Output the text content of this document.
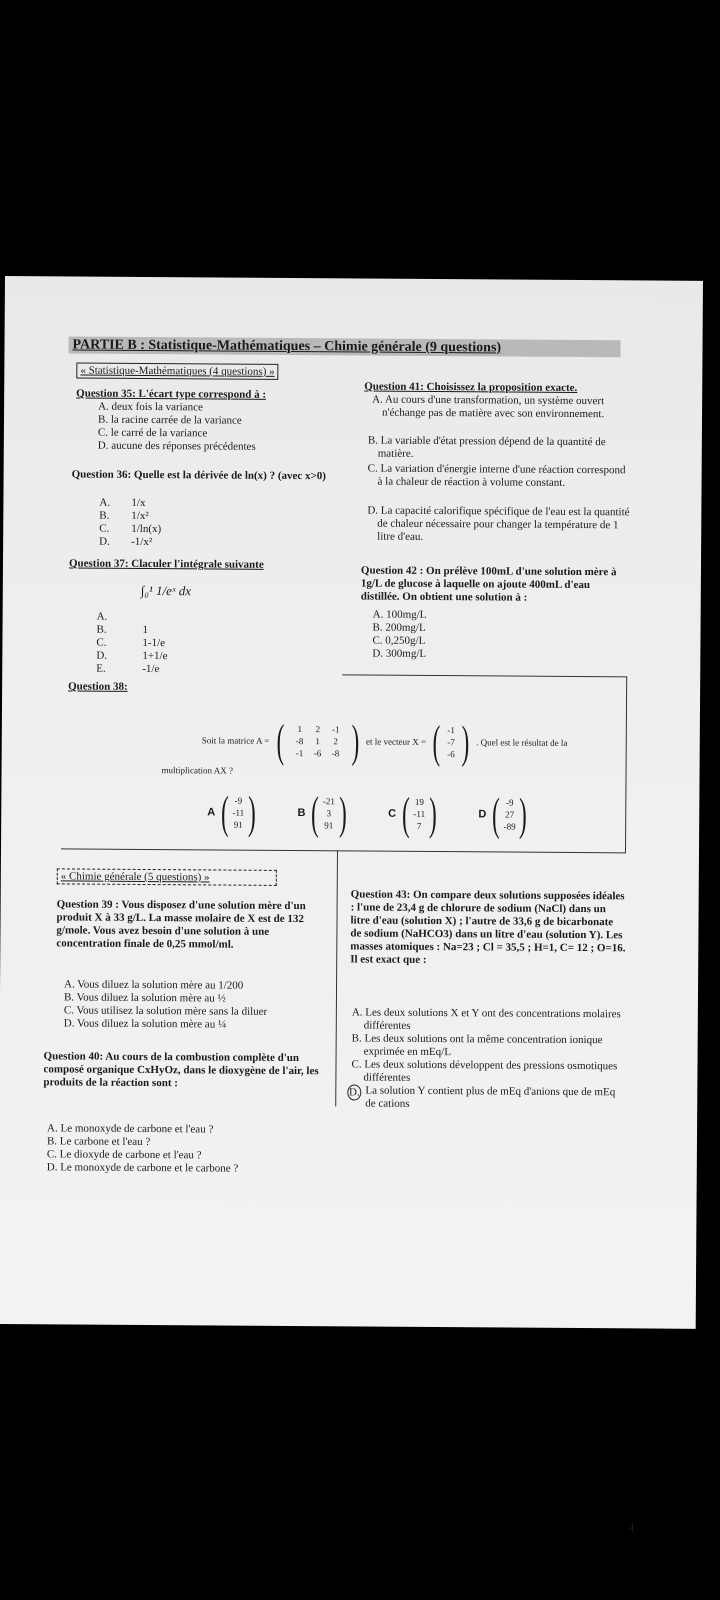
PARTIE B : Statistique-Mathématiques – Chimie générale (9 questions)
« Statistique-Mathématiques (4 questions) »
Question 35: L'écart type correspond à :
A. deux fois la variance
B. la racine carrée de la variance
C. le carré de la variance
D. aucune des réponses précédentes
Question 36: Quelle est la dérivée de ln(x) ? (avec x>0)
A. 1/x
B. 1/x²
C. 1/ln(x)
D. -1/x²
Question 37: Claculer l'intégrale suivante
∫₀¹ 1/eˣ dx
A.
B.	1
C.	1-1/e
D.	1+1/e
E.	-1/e
Question 41: Choisissez la proposition exacte.
A. Au cours d'une transformation, un système ouvert n'échange pas de matière avec son environnement.
B. La variable d'état pression dépend de la quantité de matière.
C. La variation d'énergie interne d'une réaction correspond à la chaleur de réaction à volume constant.
D. La capacité calorifique spécifique de l'eau est la quantité de chaleur nécessaire pour changer la température de 1 litre d'eau.
Question 42 : On prélève 100mL d'une solution mère à 1g/L de glucose à laquelle on ajoute 400mL d'eau distillée. On obtient une solution à :
A. 100mg/L
B. 200mg/L
C. 0,250g/L
D. 300mg/L
Question 38:
Soit la matrice A = (	1	2	-1
-8	1	2
-1	-6	-8 ) et le vecteur X = ( -1
-7
-6 ) . Quel est le résultat de la
multiplication AX ?
A ( -9
-11
91 )	B ( -21
3
91 )	C ( 19
-11
7 )	D ( -9
27
-89 )
« Chimie générale (5 questions) »
Question 39 : Vous disposez d'une solution mère d'un produit X à 33 g/L. La masse molaire de X est de 132 g/mole. Vous avez besoin d'une solution à une concentration finale de 0,25 mmol/ml.
A. Vous diluez la solution mère au 1/200
B. Vous diluez la solution mère au ½
C. Vous utilisez la solution mère sans la diluer
D. Vous diluez la solution mère au ¼
Question 40: Au cours de la combustion complète d'un composé organique CxHyOz, dans le dioxygène de l'air, les produits de la réaction sont :
A. Le monoxyde de carbone et l'eau ?
B. Le carbone et l'eau ?
C. Le dioxyde de carbone et l'eau ?
D. Le monoxyde de carbone et le carbone ?
Question 43: On compare deux solutions supposées idéales : l'une de 23,4 g de chlorure de sodium (NaCl) dans un litre d'eau (solution X) ; l'autre de 33,6 g de bicarbonate de sodium (NaHCO3) dans un litre d'eau (solution Y). Les masses atomiques : Na=23 ; Cl = 35,5 ; H=1, C= 12 ; O=16. Il est exact que :
A. Les deux solutions X et Y ont des concentrations molaires différentes
B. Les deux solutions ont la même concentration ionique exprimée en mEq/L
C. Les deux solutions développent des pressions osmotiques différentes
D. La solution Y contient plus de mEq d'anions que de mEq de cations
4
